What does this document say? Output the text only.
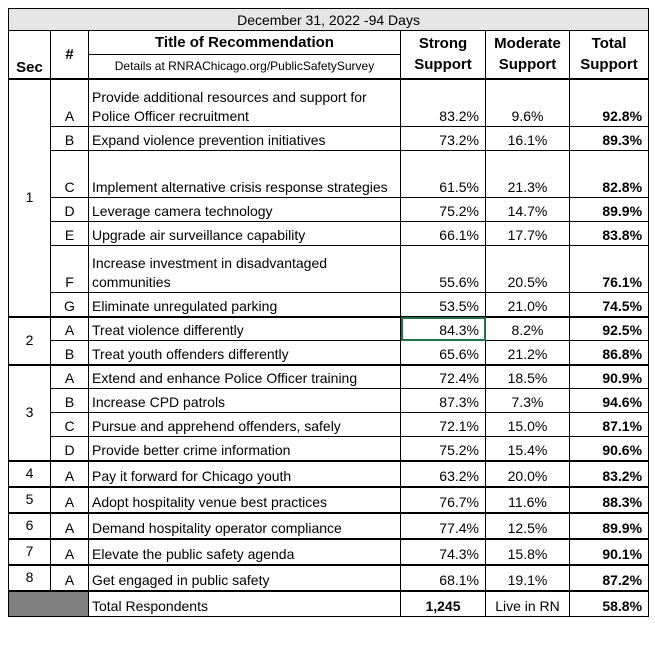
December 31, 2022 -94 Days					
Sec	#	Title of Recommendation	Strong Support	Moderate Support	Total Support
		Details at RNRAChicago.org/PublicSafetySurvey			
1	A	Provide additional resources and support for Police Officer recruitment	83.2%	9.6%	92.8%
	B	Expand violence prevention initiatives	73.2%	16.1%	89.3%
	C	Implement alternative crisis response strategies	61.5%	21.3%	82.8%
	D	Leverage camera technology	75.2%	14.7%	89.9%
	E	Upgrade air surveillance capability	66.1%	17.7%	83.8%
	F	Increase investment in disadvantaged communities	55.6%	20.5%	76.1%
	G	Eliminate unregulated parking	53.5%	21.0%	74.5%
2	A	Treat violence differently	84.3%	8.2%	92.5%
	B	Treat youth offenders differently	65.6%	21.2%	86.8%
3	A	Extend and enhance Police Officer training	72.4%	18.5%	90.9%
	B	Increase CPD patrols	87.3%	7.3%	94.6%
	C	Pursue and apprehend offenders, safely	72.1%	15.0%	87.1%
	D	Provide better crime information	75.2%	15.4%	90.6%
4	A	Pay it forward for Chicago youth	63.2%	20.0%	83.2%
5	A	Adopt hospitality venue best practices	76.7%	11.6%	88.3%
6	A	Demand hospitality operator compliance	77.4%	12.5%	89.9%
7	A	Elevate the public safety agenda	74.3%	15.8%	90.1%
8	A	Get engaged in public safety	68.1%	19.1%	87.2%
		Total Respondents	1,245	Live in RN	58.8%
